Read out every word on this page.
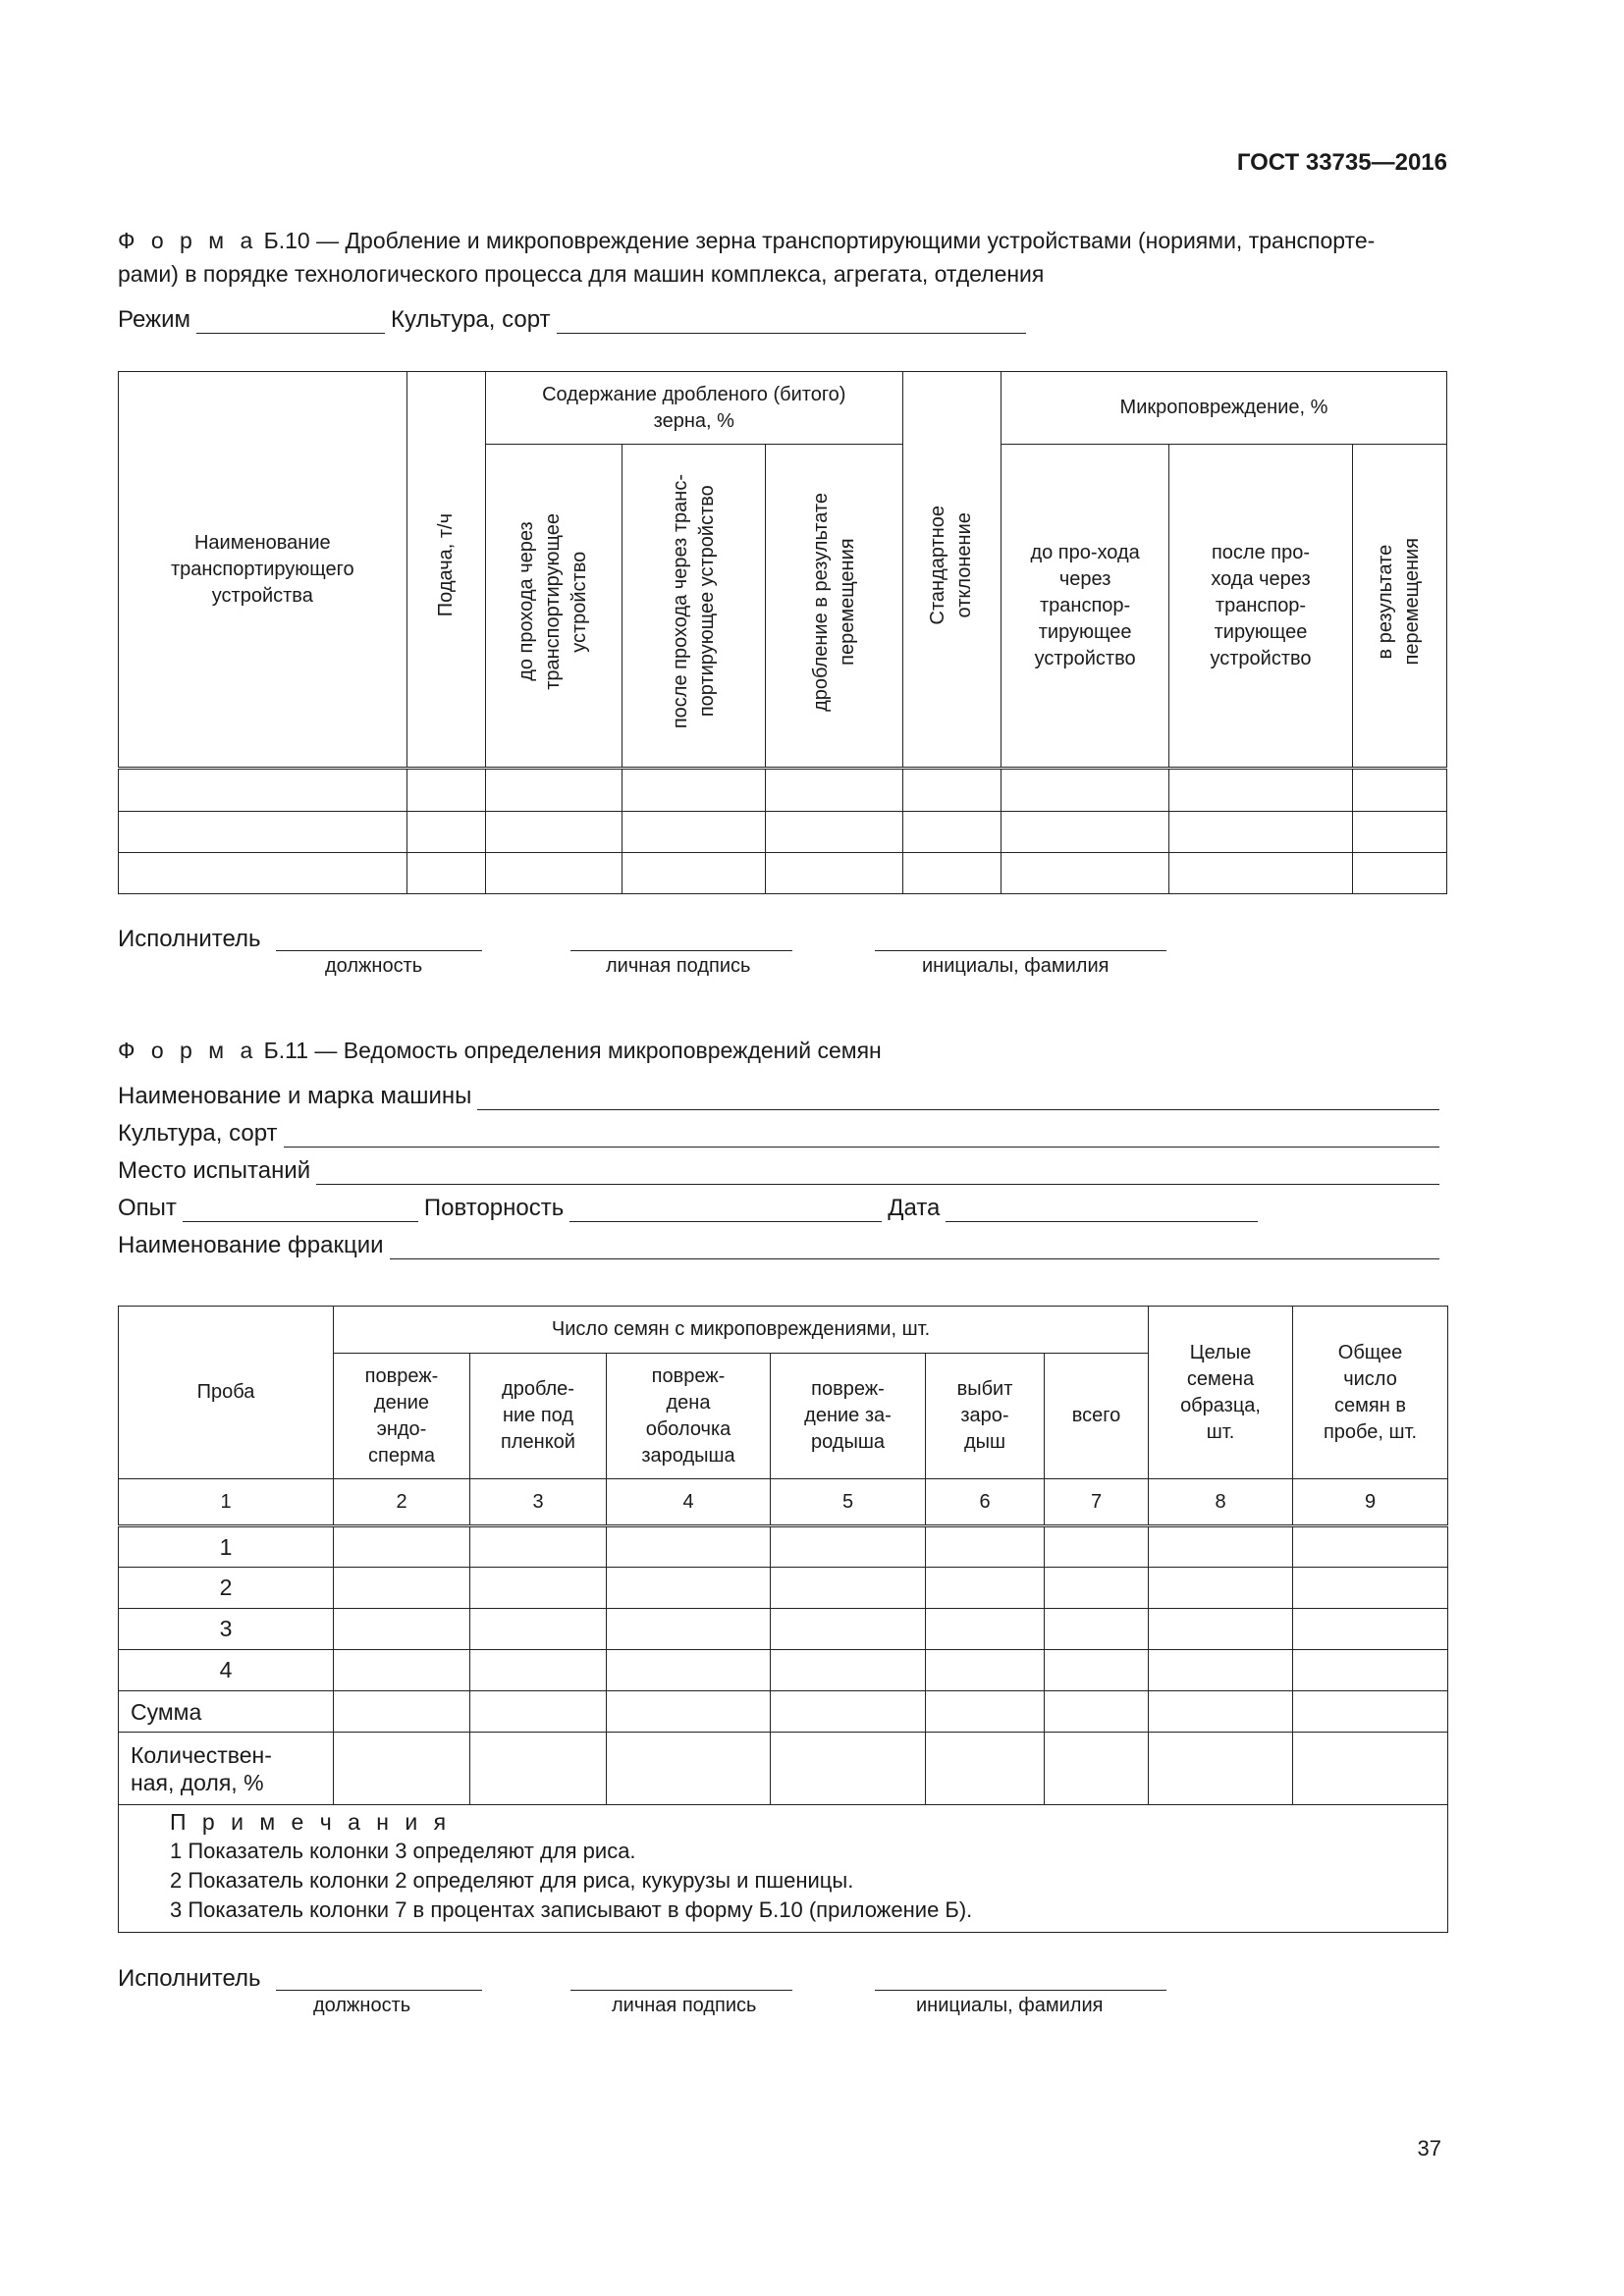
ГОСТ 33735—2016
Ф о р м а Б.10 — Дробление и микроповреждение зерна транспортирующими устройствами (нориями, транспорте-
рами) в порядке технологического процесса для машин комплекса, агрегата, отделения
Режим	Культура, сорт
Наименование транспортирующего устройства	Подача, т/ч	Содержание дробленого (битого) зерна, %			Стандартное отклонение	Микроповреждение, %		
		до прохода через транспортирующее устройство	после прохода через транс- портирующее устройство	дробление в результате перемещения		до про-хода через транспор-тирующее устройство	после про-хода через транспор-тирующее устройство	в результате перемещения

Исполнитель
должность	личная подпись	инициалы, фамилия
Ф о р м а Б.11 — Ведомость определения микроповреждений семян
Наименование и марка машины
Культура, сорт
Место испытаний
Опыт	Повторность	Дата
Наименование фракции
Проба	Число семян с микроповреждениями, шт.						Целые семена образца, шт.	Общее число семян в пробе, шт.
	повреж-дение эндо-сперма	дробле-ние под пленкой	повреж-дена оболочка зародыша	повреж-дение за-родыша	выбит заро-дыш	всего		
1	2	3	4	5	6	7	8	9
1								
2								
3								
4								
Сумма								
Количествен-ная, доля, %								

П р и м е ч а н и я
1 Показатель колонки 3 определяют для риса.
2 Показатель колонки 2 определяют для риса, кукурузы и пшеницы.
3 Показатель колонки 7 в процентах записывают в форму Б.10 (приложение Б).								
Исполнитель
должность	личная подпись	инициалы, фамилия
37
